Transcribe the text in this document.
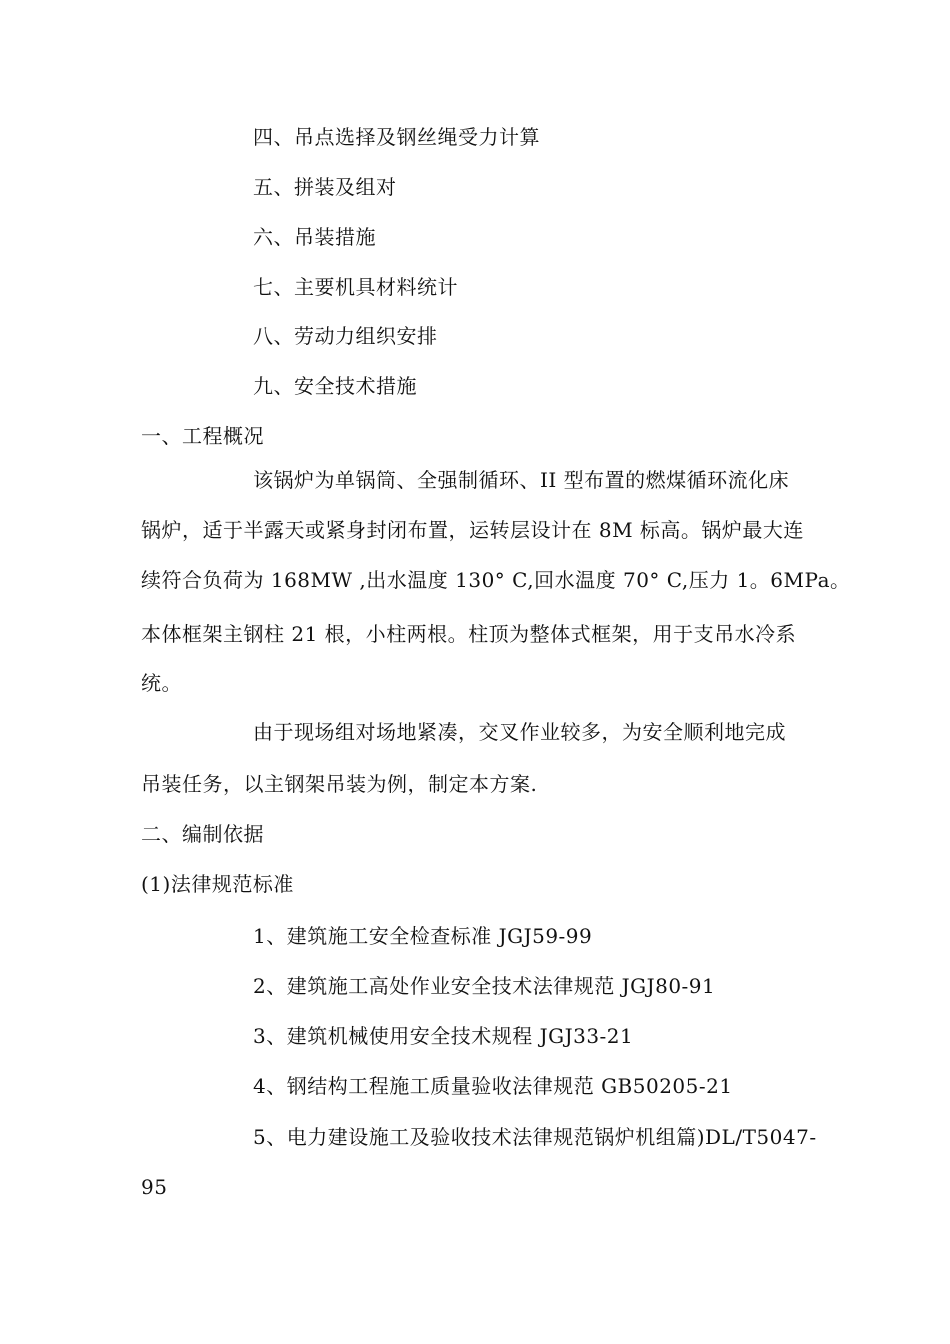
四、吊点选择及钢丝绳受力计算
五、拼装及组对
六、吊装措施
七、主要机具材料统计
八、劳动力组织安排
九、安全技术措施
一、工程概况
该锅炉为单锅筒、全强制循环、II 型布置的燃煤循环流化床
锅炉，适于半露天或紧身封闭布置，运转层设计在 8M 标高。锅炉最大连
续符合负荷为 168MW ,出水温度 130° C,回水温度 70° C,压力 1。6MPa。
本体框架主钢柱 21 根，小柱两根。柱顶为整体式框架，用于支吊水冷系
统。
由于现场组对场地紧凑，交叉作业较多，为安全顺利地完成
吊装任务，以主钢架吊装为例，制定本方案.
二、编制依据
(1)法律规范标准
1、建筑施工安全检查标准 JGJ59-99
2、建筑施工高处作业安全技术法律规范 JGJ80-91
3、建筑机械使用安全技术规程 JGJ33-21
4、钢结构工程施工质量验收法律规范 GB50205-21
5、电力建设施工及验收技术法律规范锅炉机组篇)DL/T5047-
95
